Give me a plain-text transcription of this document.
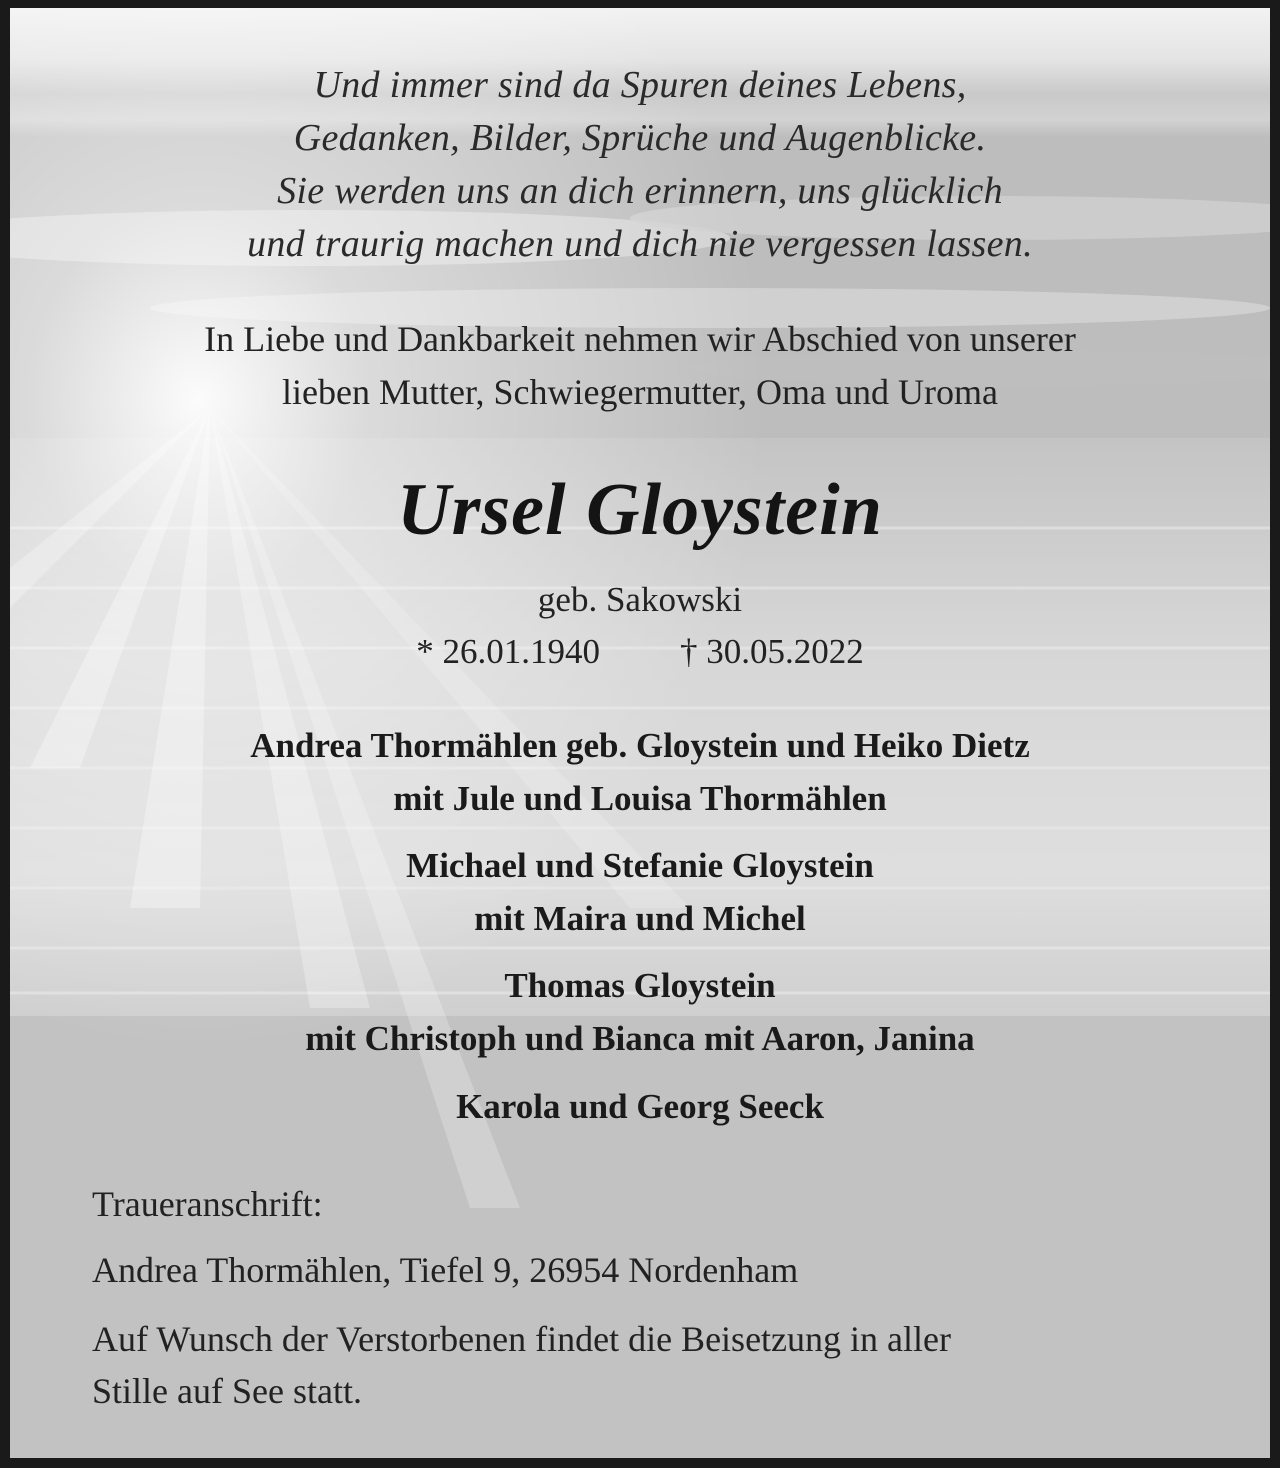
Und immer sind da Spuren deines Lebens,
Gedanken, Bilder, Sprüche und Augenblicke.
Sie werden uns an dich erinnern, uns glücklich
und traurig machen und dich nie vergessen lassen.
In Liebe und Dankbarkeit nehmen wir Abschied von unserer
lieben Mutter, Schwiegermutter, Oma und Uroma
Ursel Gloystein
geb. Sakowski
* 26.01.1940 † 30.05.2022
Andrea Thormählen geb. Gloystein und Heiko Dietz
mit Jule und Louisa Thormählen
Michael und Stefanie Gloystein
mit Maira und Michel
Thomas Gloystein
mit Christoph und Bianca mit Aaron, Janina
Karola und Georg Seeck
Traueranschrift:
Andrea Thormählen, Tiefel 9, 26954 Nordenham
Auf Wunsch der Verstorbenen findet die Beisetzung in aller
Stille auf See statt.
